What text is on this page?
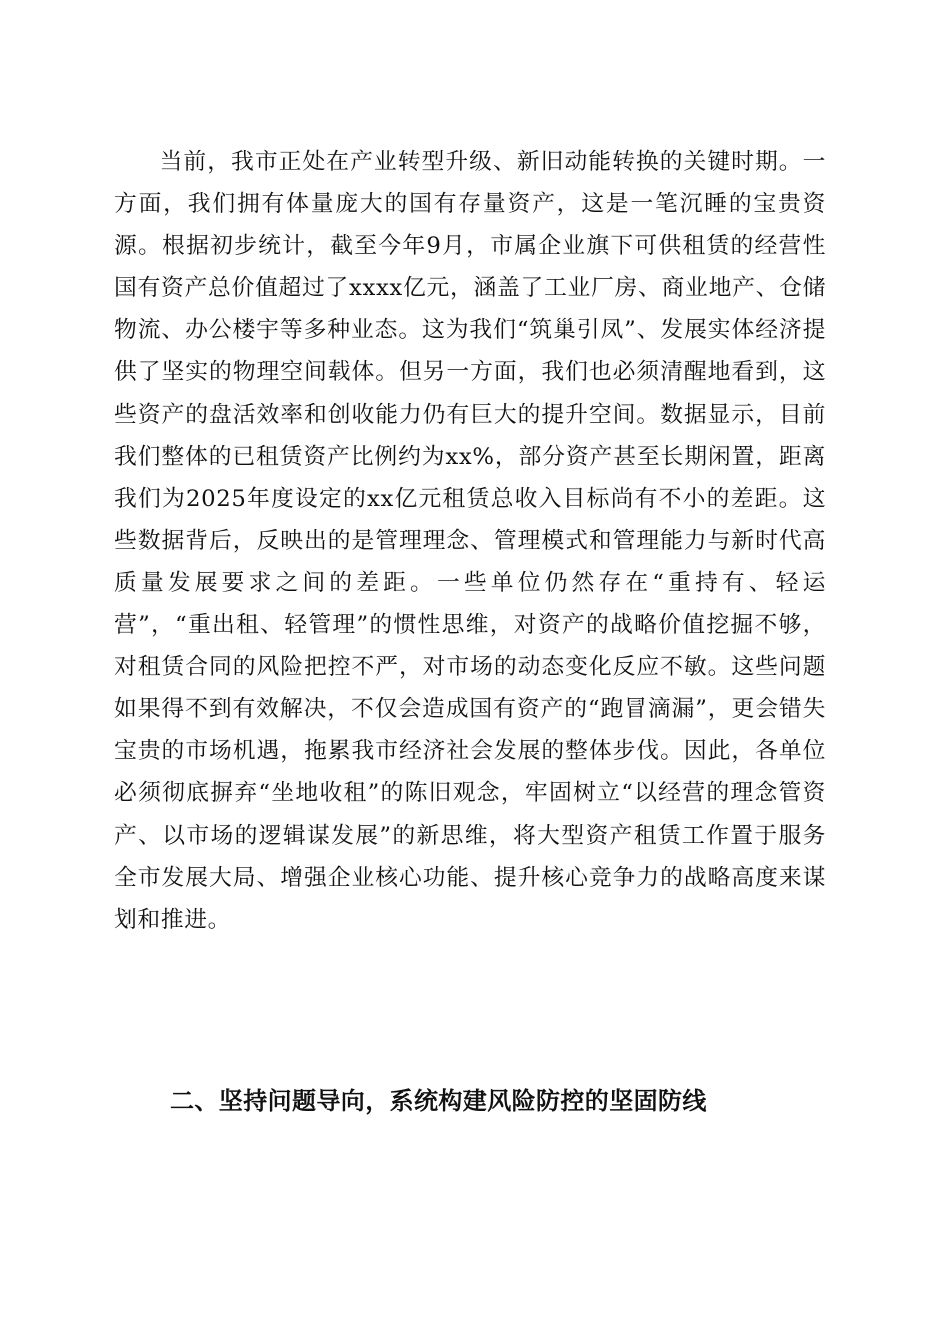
当前，我市正处在产业转型升级、新旧动能转换的关键时期。一方面，我们拥有体量庞大的国有存量资产，这是一笔沉睡的宝贵资源。根据初步统计，截至今年9月，市属企业旗下可供租赁的经营性国有资产总价值超过了xxxx亿元，涵盖了工业厂房、商业地产、仓储物流、办公楼宇等多种业态。这为我们“筑巢引凤”、发展实体经济提供了坚实的物理空间载体。但另一方面，我们也必须清醒地看到，这些资产的盘活效率和创收能力仍有巨大的提升空间。数据显示，目前我们整体的已租赁资产比例约为xx%，部分资产甚至长期闲置，距离我们为2025年度设定的xx亿元租赁总收入目标尚有不小的差距。这些数据背后，反映出的是管理理念、管理模式和管理能力与新时代高质量发展要求之间的差距。一些单位仍然存在“重持有、轻运营”，“重出租、轻管理”的惯性思维，对资产的战略价值挖掘不够，对租赁合同的风险把控不严，对市场的动态变化反应不敏。这些问题如果得不到有效解决，不仅会造成国有资产的“跑冒滴漏”，更会错失宝贵的市场机遇，拖累我市经济社会发展的整体步伐。因此，各单位必须彻底摒弃“坐地收租”的陈旧观念，牢固树立“以经营的理念管资产、以市场的逻辑谋发展”的新思维，将大型资产租赁工作置于服务全市发展大局、增强企业核心功能、提升核心竞争力的战略高度来谋划和推进。

二、坚持问题导向，系统构建风险防控的坚固防线
